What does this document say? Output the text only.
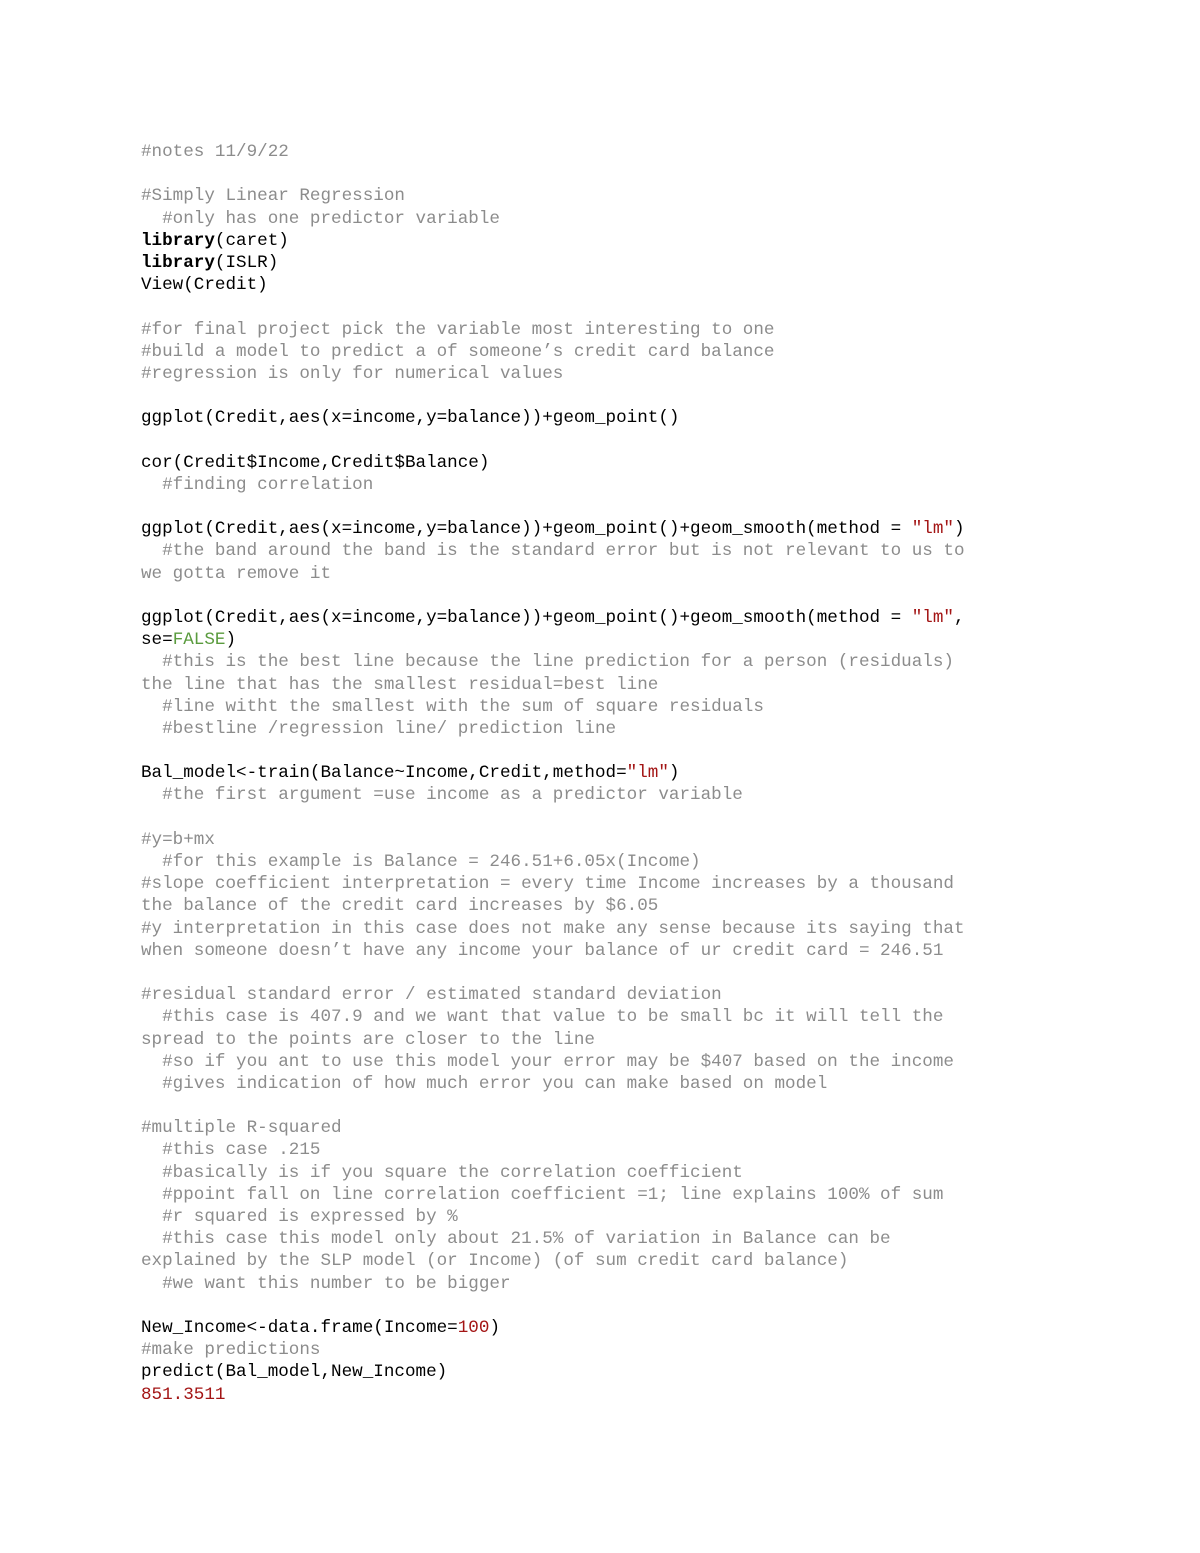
#notes 11/9/22
#Simply Linear Regression
#only has one predictor variable
library(caret)
library(ISLR)
View(Credit)
#for final project pick the variable most interesting to one
#build a model to predict a of someone’s credit card balance
#regression is only for numerical values
ggplot(Credit,aes(x=income,y=balance))+geom_point()
cor(Credit$Income,Credit$Balance)
#finding correlation
ggplot(Credit,aes(x=income,y=balance))+geom_point()+geom_smooth(method = "lm")
#the band around the band is the standard error but is not relevant to us to
we gotta remove it
ggplot(Credit,aes(x=income,y=balance))+geom_point()+geom_smooth(method = "lm",
se=FALSE)
#this is the best line because the line prediction for a person (residuals)
the line that has the smallest residual=best line
#line witht the smallest with the sum of square residuals
#bestline /regression line/ prediction line
Bal_model<-train(Balance~Income,Credit,method="lm")
#the first argument =use income as a predictor variable
#y=b+mx
#for this example is Balance = 246.51+6.05x(Income)
#slope coefficient interpretation = every time Income increases by a thousand
the balance of the credit card increases by $6.05
#y interpretation in this case does not make any sense because its saying that
when someone doesn’t have any income your balance of ur credit card = 246.51
#residual standard error / estimated standard deviation
#this case is 407.9 and we want that value to be small bc it will tell the
spread to the points are closer to the line
#so if you ant to use this model your error may be $407 based on the income
#gives indication of how much error you can make based on model
#multiple R-squared
#this case .215
#basically is if you square the correlation coefficient
#ppoint fall on line correlation coefficient =1; line explains 100% of sum
#r squared is expressed by %
#this case this model only about 21.5% of variation in Balance can be
explained by the SLP model (or Income) (of sum credit card balance)
#we want this number to be bigger
New_Income<-data.frame(Income=100)
#make predictions
predict(Bal_model,New_Income)
851.3511
